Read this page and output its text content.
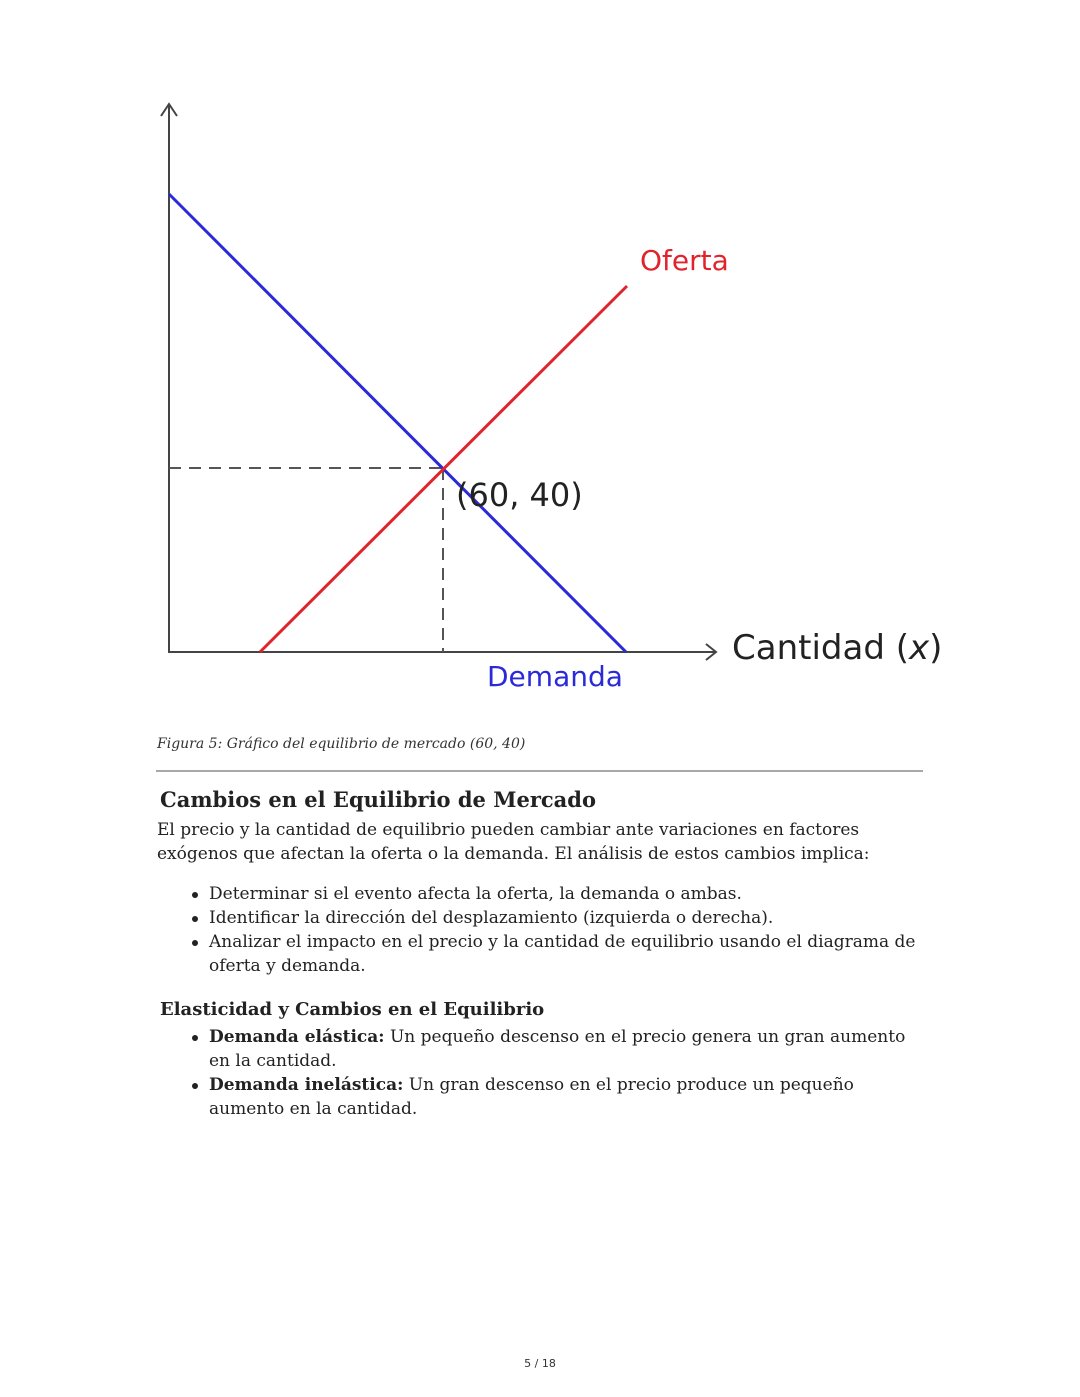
Oferta
(60, 40)
Cantidad (x)
Demanda
Figura 5: Gráfico del equilibrio de mercado (60, 40)
Cambios en el Equilibrio de Mercado
El precio y la cantidad de equilibrio pueden cambiar ante variaciones en factores exógenos que afectan la oferta o la demanda. El análisis de estos cambios implica:
Determinar si el evento afecta la oferta, la demanda o ambas.
Identificar la dirección del desplazamiento (izquierda o derecha).
Analizar el impacto en el precio y la cantidad de equilibrio usando el diagrama de oferta y demanda.
Elasticidad y Cambios en el Equilibrio
Demanda elástica: Un pequeño descenso en el precio genera un gran aumento en la cantidad.
Demanda inelástica: Un gran descenso en el precio produce un pequeño aumento en la cantidad.
5 / 18
